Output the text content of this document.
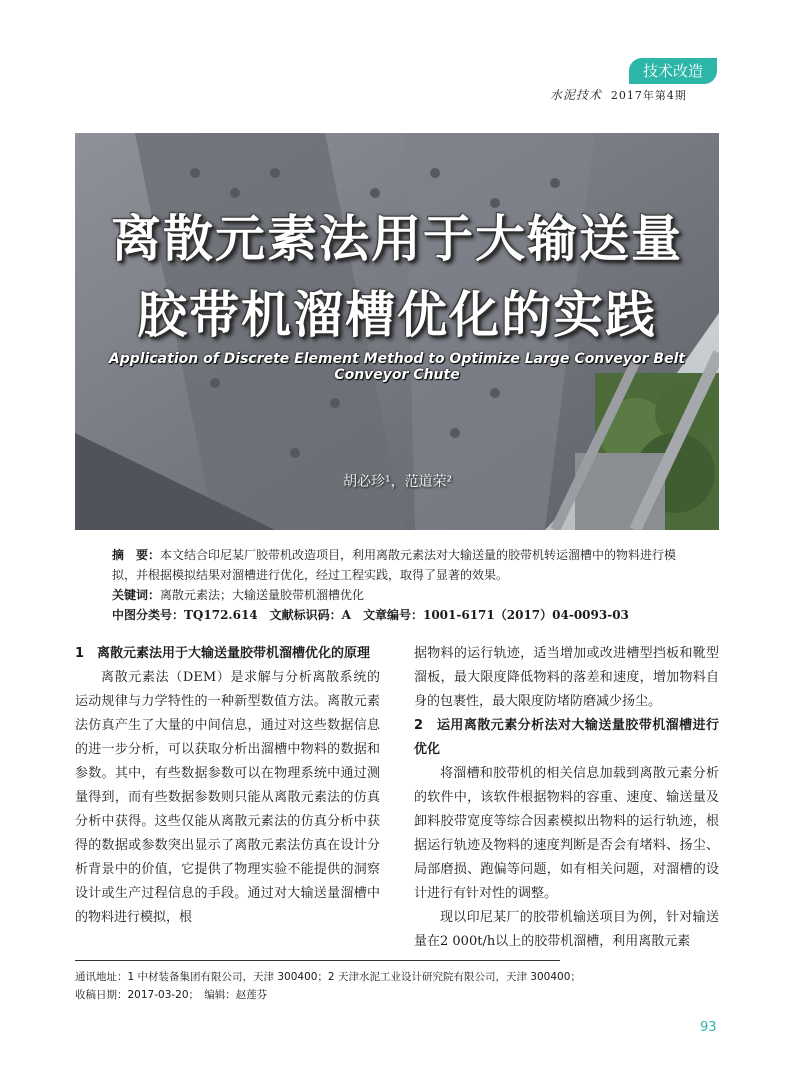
技术改造
水泥技术 2017年第4期
离散元素法用于大输送量
胶带机溜槽优化的实践
Application of Discrete Element Method to Optimize Large Conveyor Belt Conveyor Chute
胡必珍¹，范道荣²

摘　要：本文结合印尼某厂胶带机改造项目，利用离散元素法对大输送量的胶带机转运溜槽中的物料进行模拟，并根据模拟结果对溜槽进行优化，经过工程实践，取得了显著的效果。

关键词：离散元素法；大输送量胶带机溜槽优化

中图分类号：TQ172.614　文献标识码：A　文章编号：1001-6171（2017）04-0093-03

1　离散元素法用于大输送量胶带机溜槽优化的原理

离散元素法（DEM）是求解与分析离散系统的运动规律与力学特性的一种新型数值方法。离散元素法仿真产生了大量的中间信息，通过对这些数据信息的进一步分析，可以获取分析出溜槽中物料的数据和参数。其中，有些数据参数可以在物理系统中通过测量得到，而有些数据参数则只能从离散元素法的仿真分析中获得。这些仅能从离散元素法的仿真分析中获得的数据或参数突出显示了离散元素法仿真在设计分析背景中的价值，它提供了物理实验不能提供的洞察设计或生产过程信息的手段。通过对大输送量溜槽中的物料进行模拟，根

据物料的运行轨迹，适当增加或改进槽型挡板和靴型溜板，最大限度降低物料的落差和速度，增加物料自身的包裹性，最大限度防堵防磨减少扬尘。

2　运用离散元素分析法对大输送量胶带机溜槽进行优化

将溜槽和胶带机的相关信息加载到离散元素分析的软件中，该软件根据物料的容重、速度、输送量及卸料胶带宽度等综合因素模拟出物料的运行轨迹，根据运行轨迹及物料的速度判断是否会有堵料、扬尘、局部磨损、跑偏等问题，如有相关问题，对溜槽的设计进行有针对性的调整。

现以印尼某厂的胶带机输送项目为例，针对输送量在2 000t/h以上的胶带机溜槽，利用离散元素

通讯地址：1 中材装备集团有限公司，天津 300400；2 天津水泥工业设计研究院有限公司，天津 300400；
收稿日期：2017-03-20；　编辑：赵莲芬
93
